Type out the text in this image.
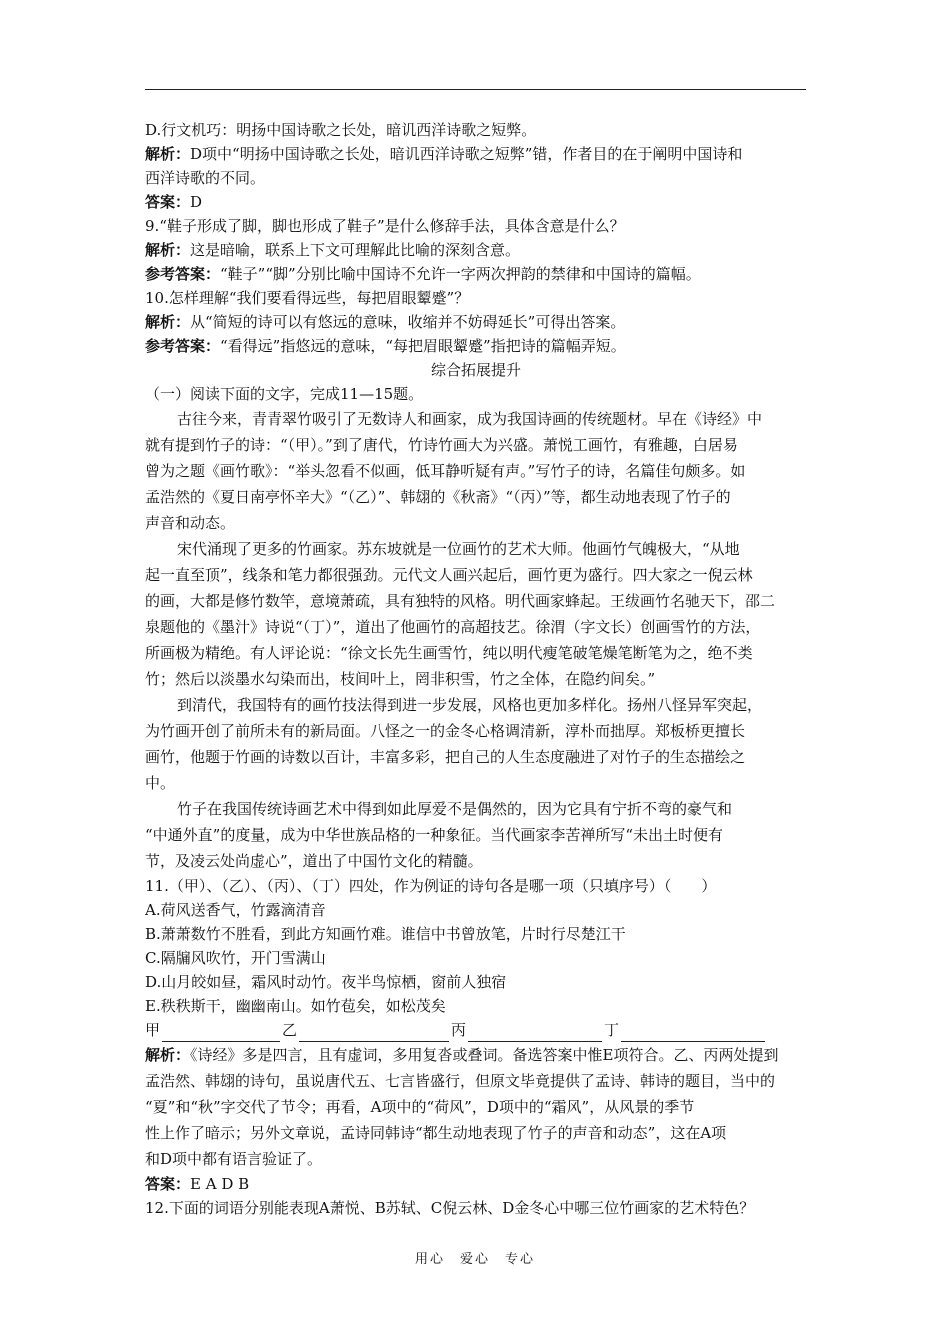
D.行文机巧：明扬中国诗歌之长处，暗讥西洋诗歌之短弊。
解析：D项中“明扬中国诗歌之长处，暗讥西洋诗歌之短弊”错，作者目的在于阐明中国诗和
西洋诗歌的不同。
答案：D
9.“鞋子形成了脚，脚也形成了鞋子”是什么修辞手法，具体含意是什么？
解析：这是暗喻，联系上下文可理解此比喻的深刻含意。
参考答案：“鞋子”“脚”分别比喻中国诗不允许一字两次押韵的禁律和中国诗的篇幅。
10.怎样理解“我们要看得远些，每把眉眼颦蹙”？
解析：从“简短的诗可以有悠远的意味，收缩并不妨碍延长”可得出答案。
参考答案：“看得远”指悠远的意味，“每把眉眼颦蹙”指把诗的篇幅弄短。
综合拓展提升
（一）阅读下面的文字，完成11—15题。
古往今来，青青翠竹吸引了无数诗人和画家，成为我国诗画的传统题材。早在《诗经》中
就有提到竹子的诗：“（甲）。”到了唐代，竹诗竹画大为兴盛。萧悦工画竹，有雅趣，白居易
曾为之题《画竹歌》：“举头忽看不似画，低耳静听疑有声。”写竹子的诗，名篇佳句颇多。如
孟浩然的《夏日南亭怀辛大》“（乙）”、韩翃的《秋斋》“（丙）”等，都生动地表现了竹子的
声音和动态。
宋代涌现了更多的竹画家。苏东坡就是一位画竹的艺术大师。他画竹气魄极大，“从地
起一直至顶”，线条和笔力都很强劲。元代文人画兴起后，画竹更为盛行。四大家之一倪云林
的画，大都是修竹数竿，意境萧疏，具有独特的风格。明代画家蜂起。王绂画竹名驰天下，邵二
泉题他的《墨汁》诗说“（丁）”，道出了他画竹的高超技艺。徐渭（字文长）创画雪竹的方法，
所画极为精绝。有人评论说：“徐文长先生画雪竹，纯以明代瘦笔破笔燥笔断笔为之，绝不类
竹；然后以淡墨水勾染而出，枝间叶上，罔非积雪，竹之全体，在隐约间矣。”
到清代，我国特有的画竹技法得到进一步发展，风格也更加多样化。扬州八怪异军突起，
为竹画开创了前所未有的新局面。八怪之一的金冬心格调清新，淳朴而拙厚。郑板桥更擅长
画竹，他题于竹画的诗数以百计，丰富多彩，把自己的人生态度融进了对竹子的生态描绘之
中。
竹子在我国传统诗画艺术中得到如此厚爱不是偶然的，因为它具有宁折不弯的豪气和
“中通外直”的度量，成为中华世族品格的一种象征。当代画家李苦禅所写“未出土时便有
节，及凌云处尚虚心”，道出了中国竹文化的精髓。
11.（甲）、（乙）、（丙）、（丁）四处，作为例证的诗句各是哪一项（只填序号）（　　）
A.荷风送香气，竹露滴清音
B.萧萧数竹不胜看，到此方知画竹难。谁信中书曾放笔，片时行尽楚江干
C.隔牖风吹竹，开门雪满山
D.山月皎如昼，霜风时动竹。夜半鸟惊栖，窗前人独宿
E.秩秩斯干，幽幽南山。如竹苞矣，如松茂矣
甲	乙	丙	丁
解析：《诗经》多是四言，且有虚词，多用复沓或叠词。备选答案中惟E项符合。乙、丙两处提到
孟浩然、韩翃的诗句，虽说唐代五、七言皆盛行，但原文毕竟提供了孟诗、韩诗的题目，当中的
“夏”和“秋”字交代了节令；再看，A项中的“荷风”，D项中的“霜风”，从风景的季节
性上作了暗示；另外文章说，孟诗同韩诗“都生动地表现了竹子的声音和动态”，这在A项
和D项中都有语言验证了。
答案：E A D B
12.下面的词语分别能表现A萧悦、B苏轼、C倪云林、D金冬心中哪三位竹画家的艺术特色？
用心　爱心　专心
